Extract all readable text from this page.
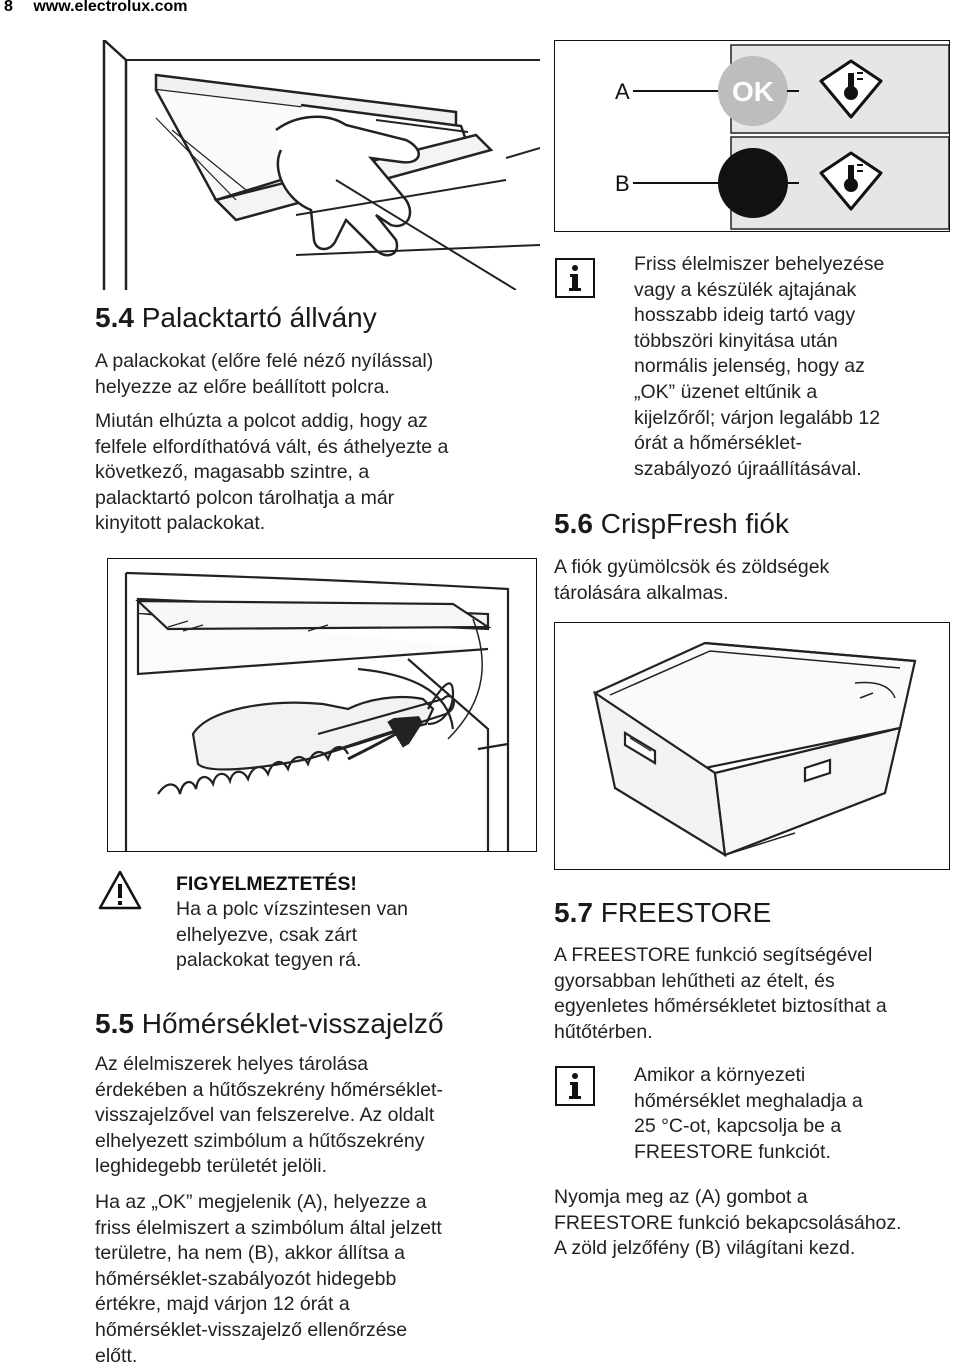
8 www.electrolux.com
5.4 Palacktartó állvány
A palackokat (előre felé néző nyílással)
helyezze az előre beállított polcra.
Miután elhúzta a polcot addig, hogy az
felfele elfordíthatóvá vált, és áthelyezte a
következő, magasabb szintre, a
palacktartó polcon tárolhatja a már
kinyitott palackokat.
FIGYELMEZTETÉS!
Ha a polc vízszintesen van
elhelyezve, csak zárt
palackokat tegyen rá.
5.5 Hőmérséklet-visszajelző
Az élelmiszerek helyes tárolása
érdekében a hűtőszekrény hőmérséklet-
visszajelzővel van felszerelve. Az oldalt
elhelyezett szimbólum a hűtőszekrény
leghidegebb területét jelöli.
Ha az „OK” megjelenik (A), helyezze a
friss élelmiszert a szimbólum által jelzett
területre, ha nem (B), akkor állítsa a
hőmérséklet-szabályozót hidegebb
értékre, majd várjon 12 órát a
hőmérséklet-visszajelző ellenőrzése
előtt.
A	OK
B
Friss élelmiszer behelyezése
vagy a készülék ajtajának
hosszabb ideig tartó vagy
többszöri kinyitása után
normális jelenség, hogy az
„OK” üzenet eltűnik a
kijelzőről; várjon legalább 12
órát a hőmérséklet-
szabályozó újraállításával.
5.6 CrispFresh fiók
A fiók gyümölcsök és zöldségek
tárolására alkalmas.
5.7 FREESTORE
A FREESTORE funkció segítségével
gyorsabban lehűtheti az ételt, és
egyenletes hőmérsékletet biztosíthat a
hűtőtérben.
Amikor a környezeti
hőmérséklet meghaladja a
25 °C-ot, kapcsolja be a
FREESTORE funkciót.
Nyomja meg az (A) gombot a
FREESTORE funkció bekapcsolásához.
A zöld jelzőfény (B) világítani kezd.
